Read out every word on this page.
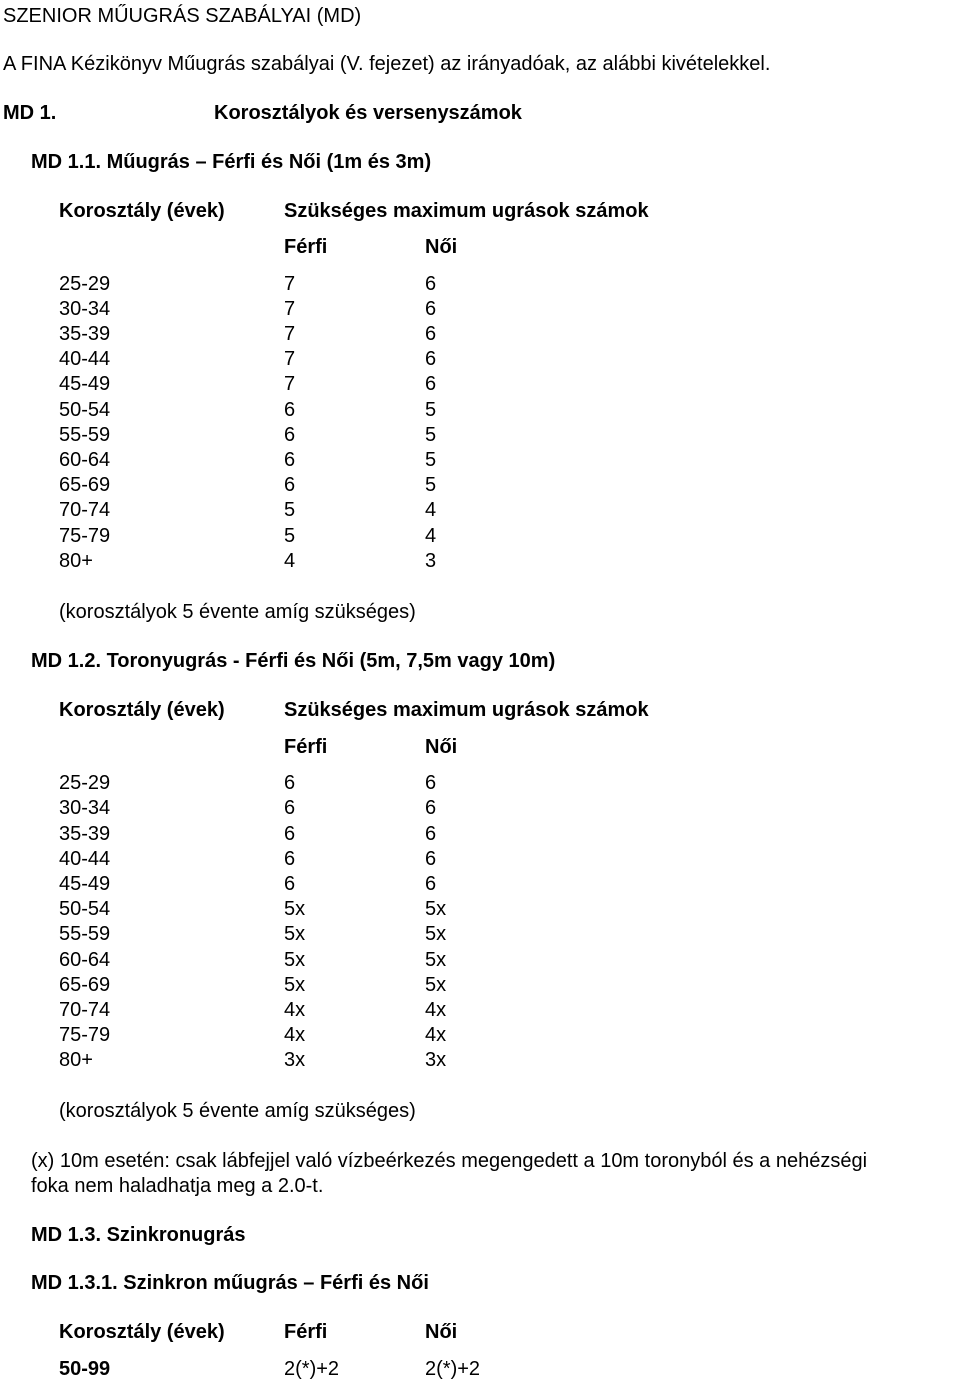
SZENIOR MŰUGRÁS SZABÁLYAI (MD)
A FINA Kézikönyv Műugrás szabályai (V. fejezet) az irányadóak, az alábbi kivételekkel.
MD 1.	Korosztályok és versenyszámok
MD 1.1. Műugrás – Férfi és Női (1m és 3m)
Korosztály (évek)	Szükséges maximum ugrások számok
Férfi	Női
25-29	7	6
30-34	7	6
35-39	7	6
40-44	7	6
45-49	7	6
50-54	6	5
55-59	6	5
60-64	6	5
65-69	6	5
70-74	5	4
75-79	5	4
80+	4	3
(korosztályok 5 évente amíg szükséges)
MD 1.2. Toronyugrás - Férfi és Női (5m, 7,5m vagy 10m)
Korosztály (évek)	Szükséges maximum ugrások számok
Férfi	Női
25-29	6	6
30-34	6	6
35-39	6	6
40-44	6	6
45-49	6	6
50-54	5x	5x
55-59	5x	5x
60-64	5x	5x
65-69	5x	5x
70-74	4x	4x
75-79	4x	4x
80+	3x	3x
(korosztályok 5 évente amíg szükséges)
(x) 10m esetén: csak lábfejjel való vízbeérkezés megengedett a 10m toronyból és a nehézségi
foka nem haladhatja meg a 2.0-t.
MD 1.3. Szinkronugrás
MD 1.3.1. Szinkron műugrás – Férfi és Női
Korosztály (évek)	Férfi	Női
50-99	2(*)+2	2(*)+2
